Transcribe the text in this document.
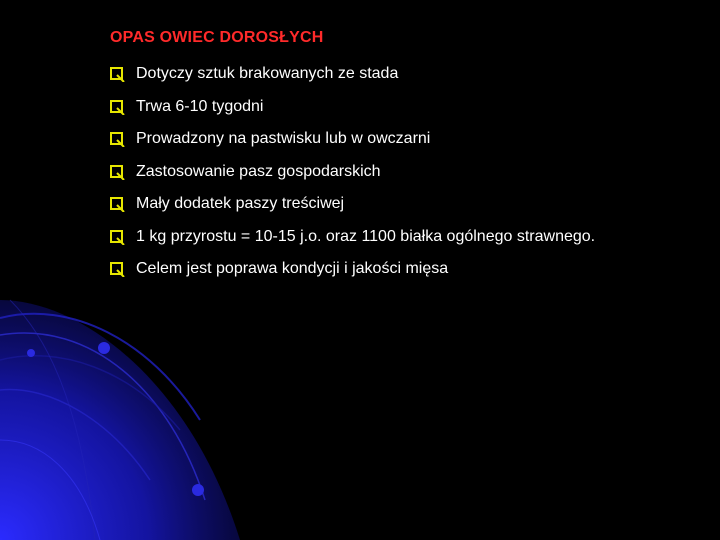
OPAS OWIEC DOROSŁYCH
Dotyczy sztuk brakowanych ze stada
Trwa 6-10 tygodni
Prowadzony na pastwisku lub w owczarni
Zastosowanie pasz gospodarskich
Mały dodatek paszy treściwej
1 kg przyrostu = 10-15 j.o. oraz 1100 białka ogólnego strawnego.
Celem jest poprawa kondycji i jakości mięsa
